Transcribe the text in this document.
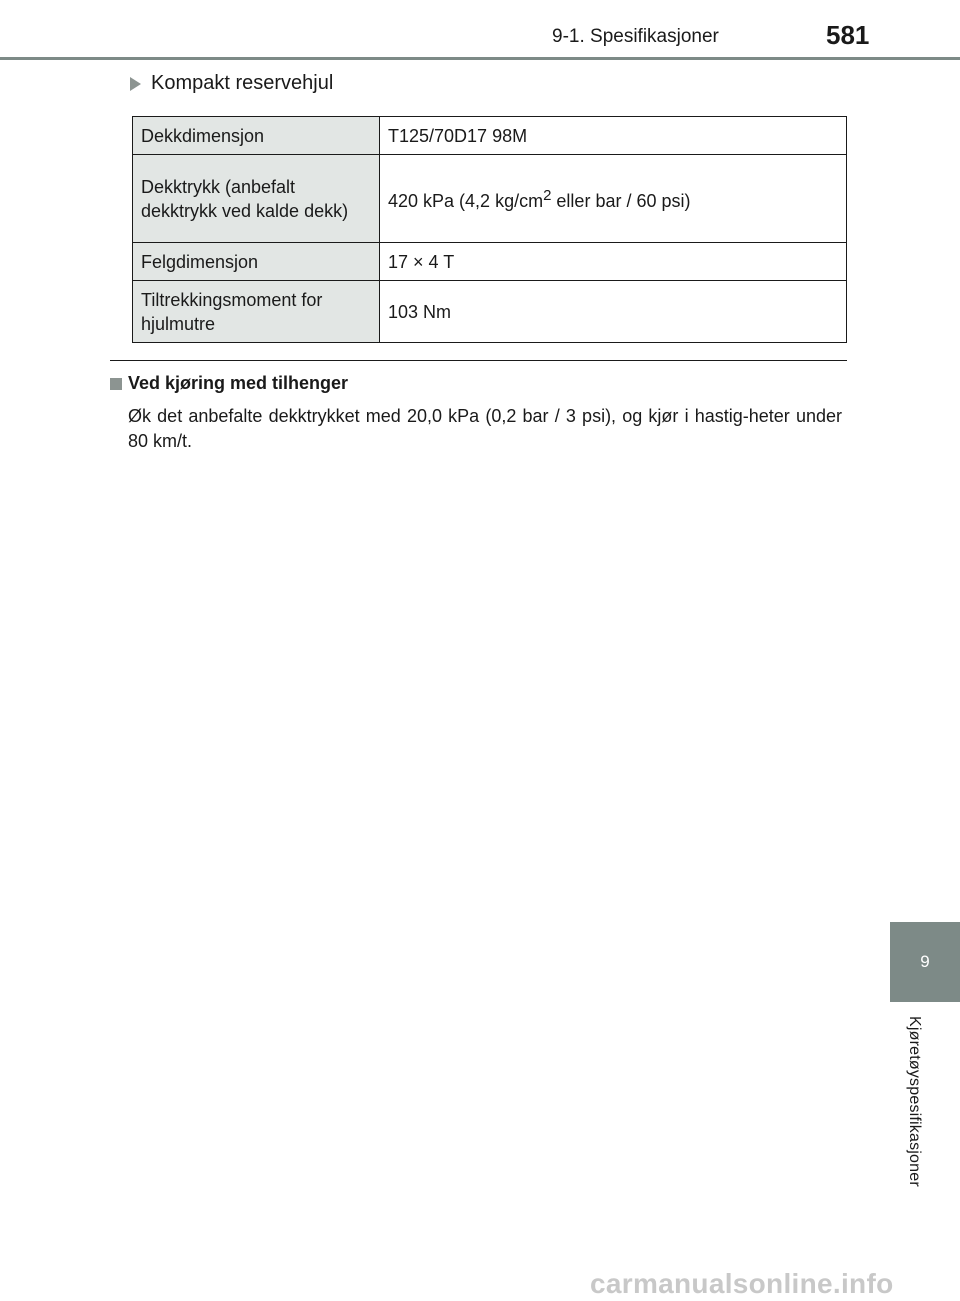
9-1. Spesifikasjoner	581
9
Kjøretøyspesifikasjoner
Kompakt reservehjul
Dekkdimensjon	T125/70D17 98M
Dekktrykk (anbefalt dekktrykk ved kalde dekk)	420 kPa (4,2 $kg/cm^2$ eller bar / 60 psi)
Felgdimensjon	17 × 4 T
Tiltrekkingsmoment for hjulmutre	103 Nm
Ved kjøring med tilhenger
Øk det anbefalte dekktrykket med 20,0 kPa (0,2 bar / 3 psi), og kjør i hastig-heter under 80 km/t.
carmanualsonline.info
